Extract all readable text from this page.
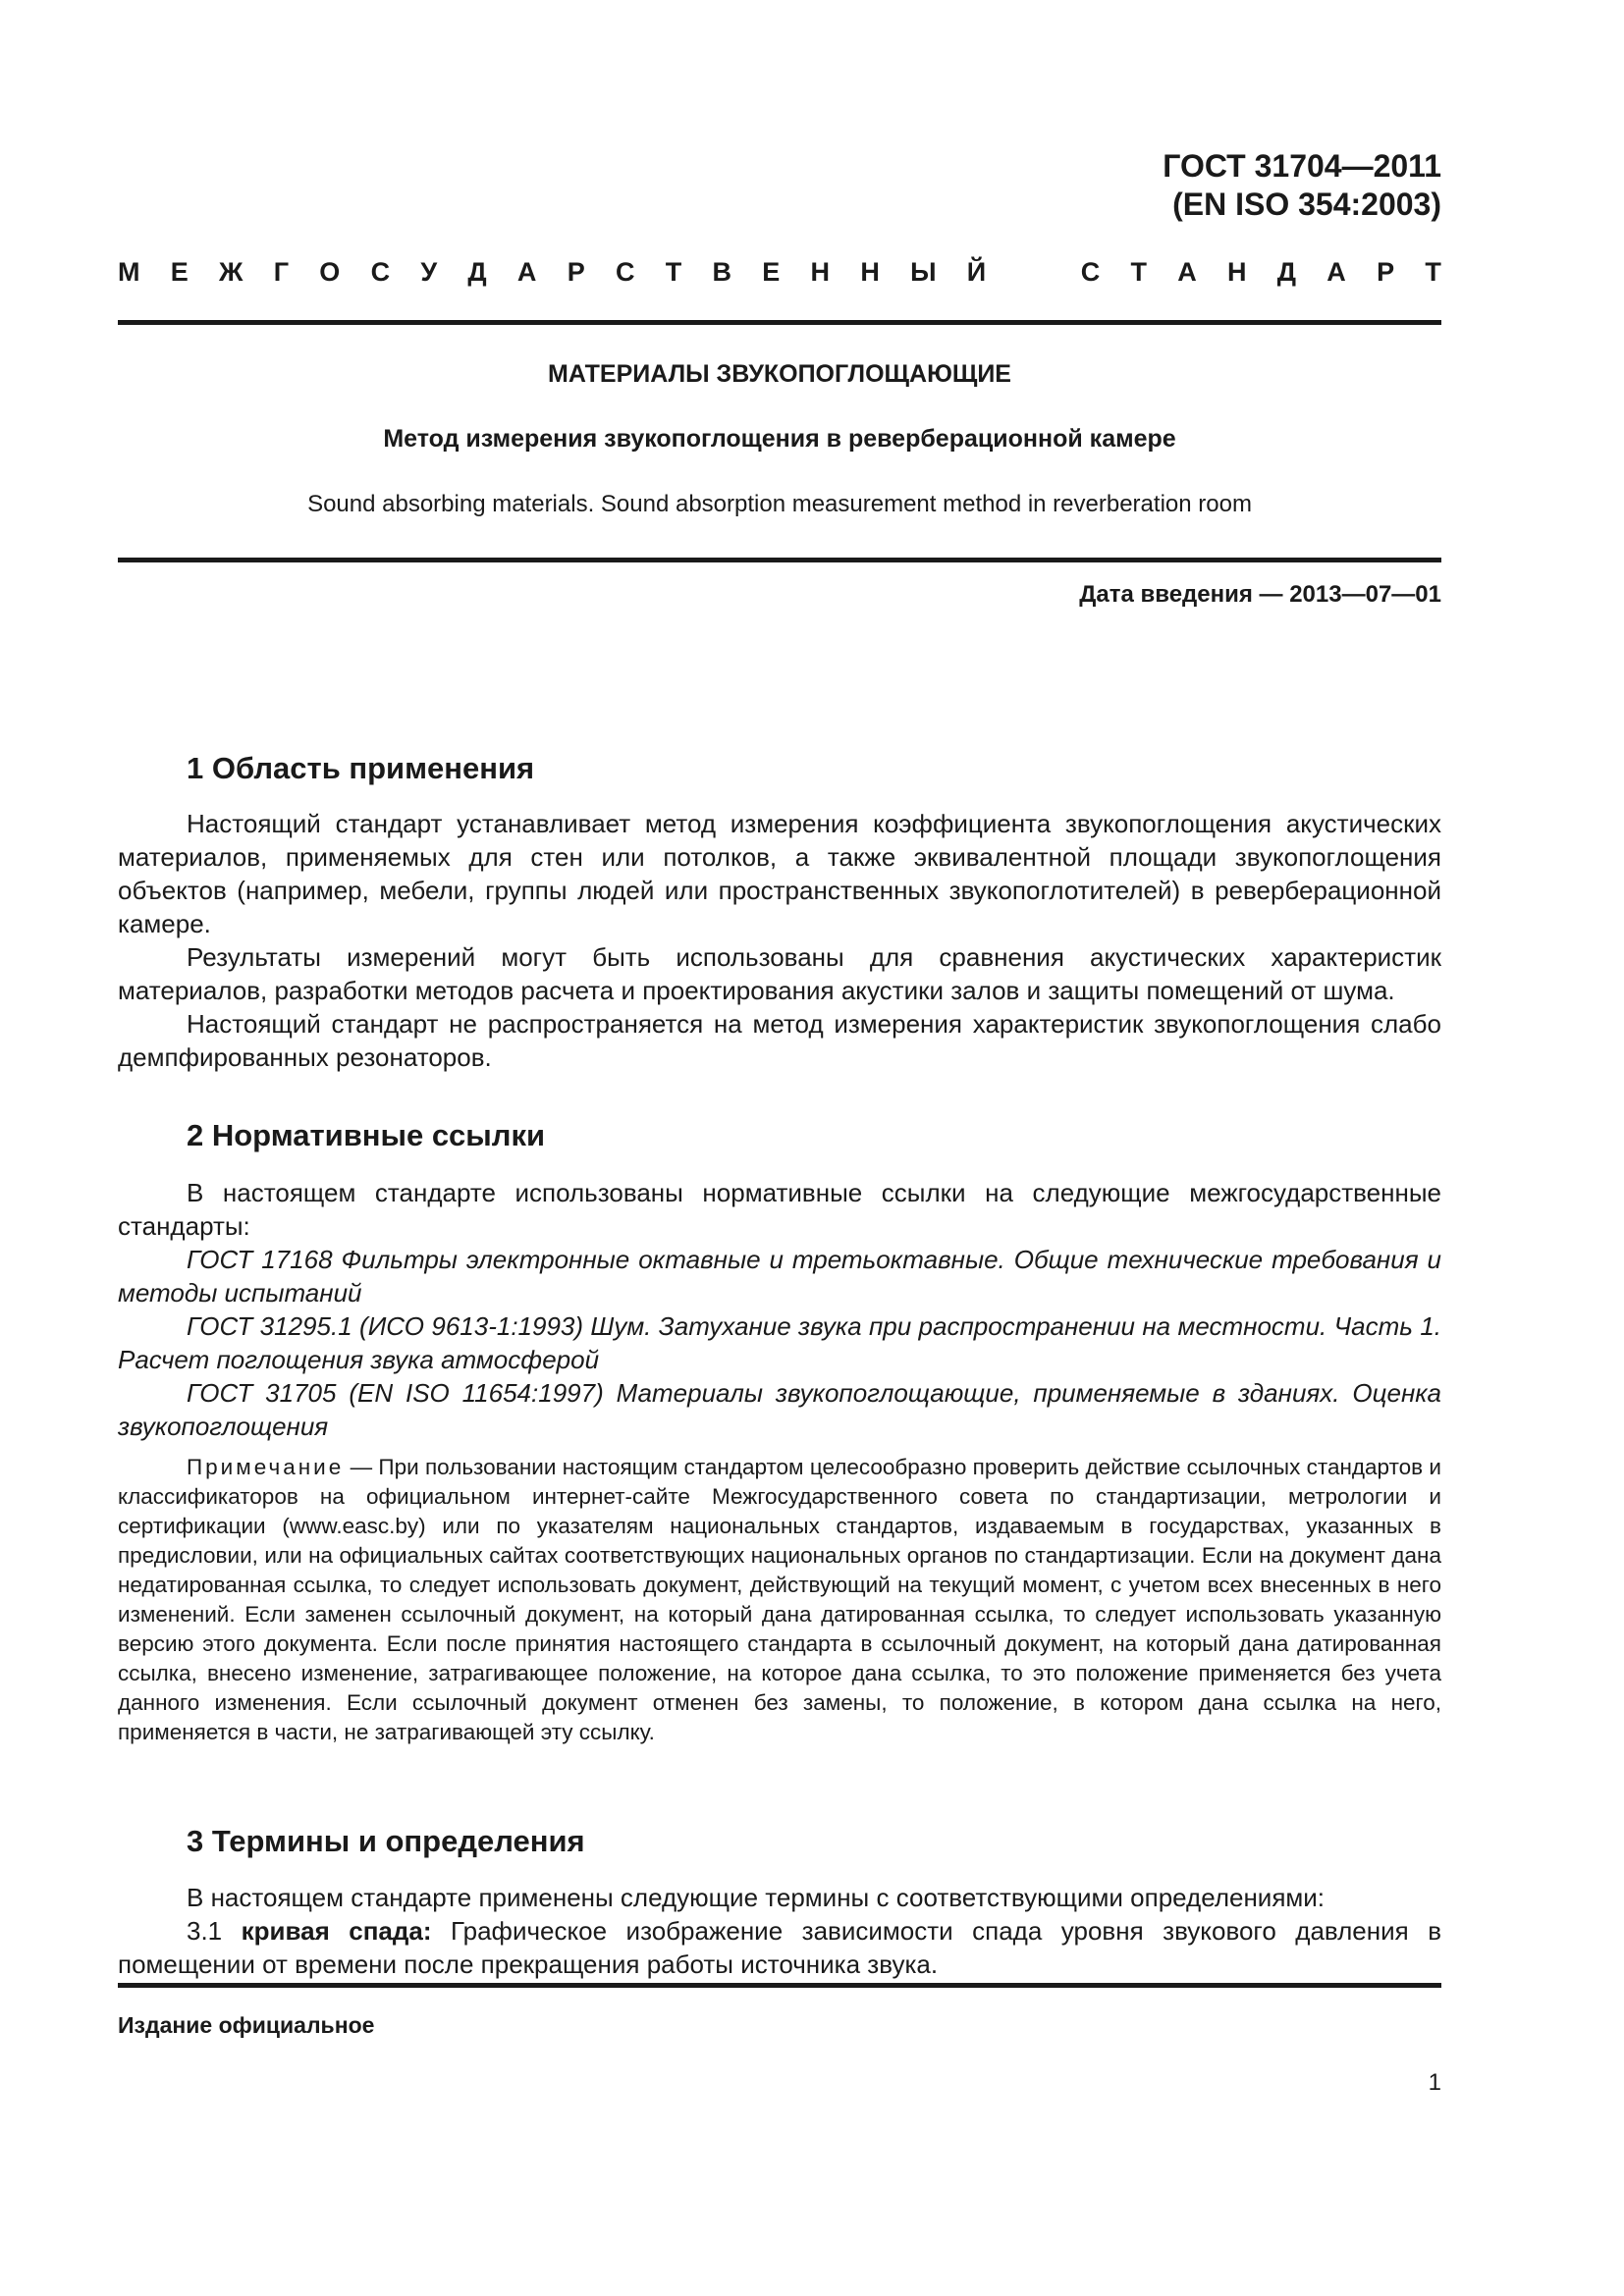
ГОСТ 31704—2011
(EN ISO 354:2003)
М Е Ж Г О С У Д А Р С Т В Е Н Н Ы Й	С Т А Н Д А Р Т
МАТЕРИАЛЫ ЗВУКОПОГЛОЩАЮЩИЕ
Метод измерения звукопоглощения в реверберационной камере
Sound absorbing materials. Sound absorption measurement method in reverberation room
Дата введения — 2013—07—01
1 Область применения

Настоящий стандарт устанавливает метод измерения коэффициента звукопоглощения акустических материалов, применяемых для стен или потолков, а также эквивалентной площади звукопоглощения объектов (например, мебели, группы людей или пространственных звукопоглотителей) в реверберационной камере.

Результаты измерений могут быть использованы для сравнения акустических характеристик материалов, разработки методов расчета и проектирования акустики залов и защиты помещений от шума.

Настоящий стандарт не распространяется на метод измерения характеристик звукопоглощения слабо демпфированных резонаторов.

2 Нормативные ссылки

В настоящем стандарте использованы нормативные ссылки на следующие межгосударственные стандарты:

ГОСТ 17168 Фильтры электронные октавные и третьоктавные. Общие технические требования и методы испытаний

ГОСТ 31295.1 (ИСО 9613-1:1993) Шум. Затухание звука при распространении на местности. Часть 1. Расчет поглощения звука атмосферой

ГОСТ 31705 (EN ISO 11654:1997) Материалы звукопоглощающие, применяемые в зданиях. Оценка звукопоглощения

Примечание — При пользовании настоящим стандартом целесообразно проверить действие ссылочных стандартов и классификаторов на официальном интернет-сайте Межгосударственного совета по стандартизации, метрологии и сертификации (www.easc.by) или по указателям национальных стандартов, издаваемым в государствах, указанных в предисловии, или на официальных сайтах соответствующих национальных органов по стандартизации. Если на документ дана недатированная ссылка, то следует использовать документ, действующий на текущий момент, с учетом всех внесенных в него изменений. Если заменен ссылочный документ, на который дана датированная ссылка, то следует использовать указанную версию этого документа. Если после принятия настоящего стандарта в ссылочный документ, на который дана датированная ссылка, внесено изменение, затрагивающее положение, на которое дана ссылка, то это положение применяется без учета данного изменения. Если ссылочный документ отменен без замены, то положение, в котором дана ссылка на него, применяется в части, не затрагивающей эту ссылку.

3 Термины и определения

В настоящем стандарте применены следующие термины с соответствующими определениями:

3.1 кривая спада: Графическое изображение зависимости спада уровня звукового давления в помещении от времени после прекращения работы источника звука.

Издание официальное
1
